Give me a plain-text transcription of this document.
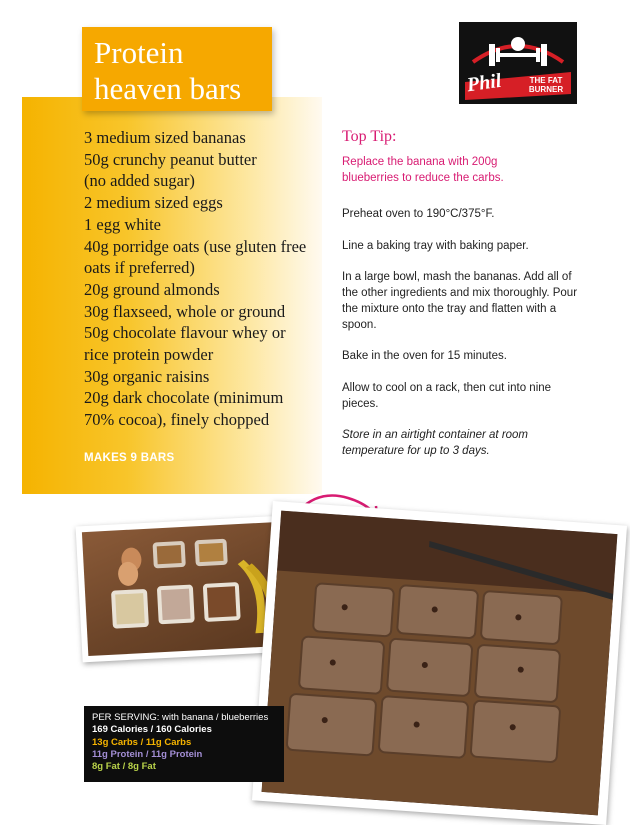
Protein
heaven bars
3 medium sized bananas
50g crunchy peanut butter
(no added sugar)
2 medium sized eggs
1 egg white
40g porridge oats (use gluten free
oats if preferred)
20g ground almonds
30g flaxseed, whole or ground
50g chocolate flavour whey or
rice protein powder
30g organic raisins
20g dark chocolate (minimum
70% cocoa), finely chopped
MAKES 9 BARS
Phil	THE FAT
BURNER
Top Tip:
Replace the banana with 200g blueberries to reduce the carbs.

Preheat oven to 190°C/375°F.

Line a baking tray with baking paper.

In a large bowl, mash the bananas. Add all of the other ingredients and mix thoroughly. Pour the mixture onto the tray and flatten with a spoon.

Bake in the oven for 15 minutes.

Allow to cool on a rack, then cut into nine pieces.

Store in an airtight container at room temperature for up to 3 days.

PER SERVING: with banana / blueberries
169 Calories / 160 Calories
13g Carbs / 11g Carbs
11g Protein / 11g Protein
8g Fat / 8g Fat
